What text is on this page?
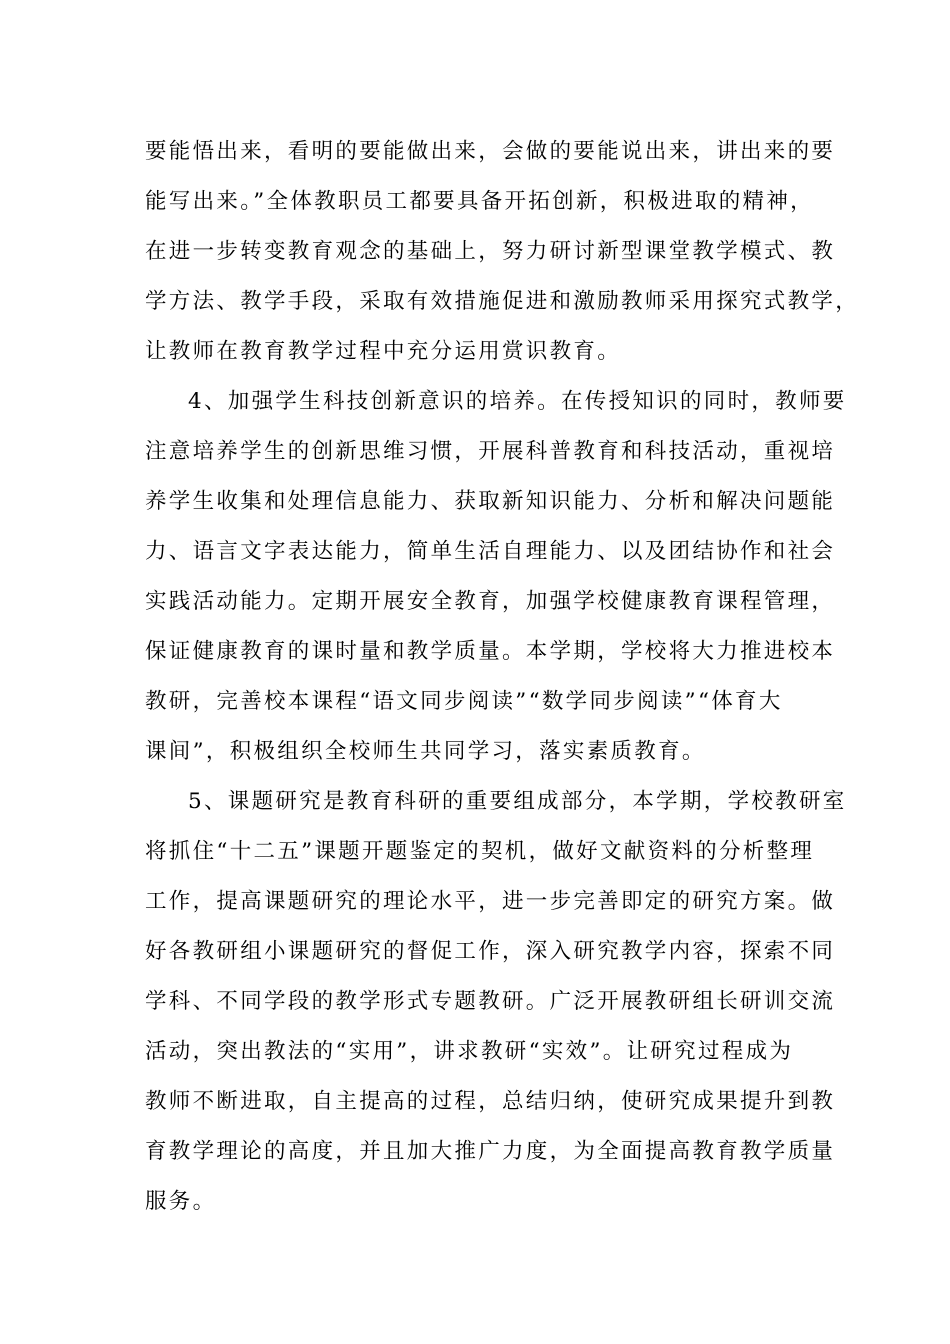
要能悟出来，看明的要能做出来，会做的要能说出来，讲出来的要
能写出来。”全体教职员工都要具备开拓创新，积极进取的精神，
在进一步转变教育观念的基础上，努力研讨新型课堂教学模式、教
学方法、教学手段，采取有效措施促进和激励教师采用探究式教学，
让教师在教育教学过程中充分运用赏识教育。
4、加强学生科技创新意识的培养。在传授知识的同时，教师要
注意培养学生的创新思维习惯，开展科普教育和科技活动，重视培
养学生收集和处理信息能力、获取新知识能力、分析和解决问题能
力、语言文字表达能力，简单生活自理能力、以及团结协作和社会
实践活动能力。定期开展安全教育，加强学校健康教育课程管理，
保证健康教育的课时量和教学质量。本学期，学校将大力推进校本
教研，完善校本课程“语文同步阅读”“数学同步阅读”“体育大
课间”，积极组织全校师生共同学习，落实素质教育。
5、课题研究是教育科研的重要组成部分，本学期，学校教研室
将抓住“十二五”课题开题鉴定的契机，做好文献资料的分析整理
工作，提高课题研究的理论水平，进一步完善即定的研究方案。做
好各教研组小课题研究的督促工作，深入研究教学内容，探索不同
学科、不同学段的教学形式专题教研。广泛开展教研组长研训交流
活动，突出教法的“实用”，讲求教研“实效”。让研究过程成为
教师不断进取，自主提高的过程，总结归纳，使研究成果提升到教
育教学理论的高度，并且加大推广力度，为全面提高教育教学质量
服务。
